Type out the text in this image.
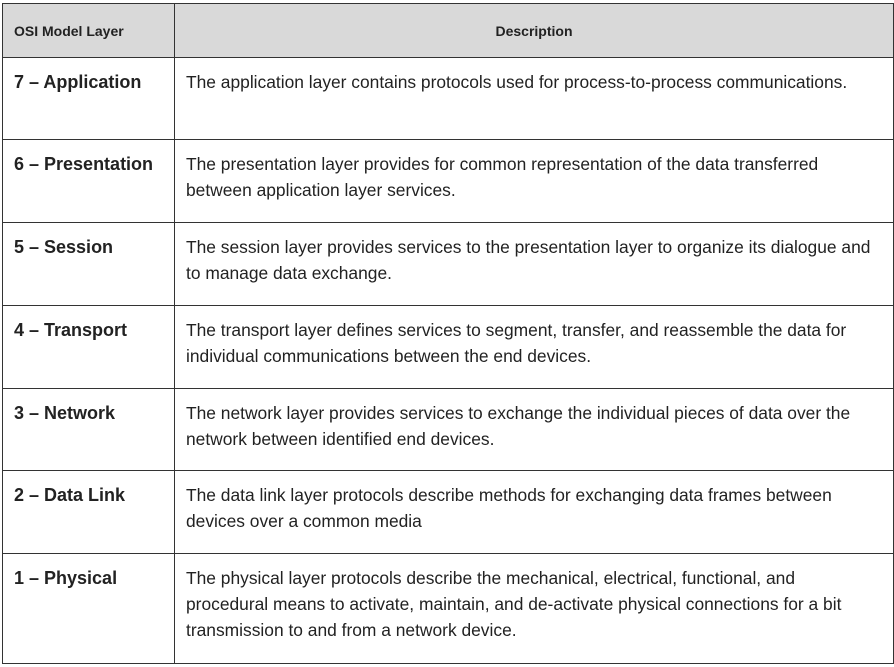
OSI Model Layer	Description
7 – Application	The application layer contains protocols used for process-to-process communications.
6 – Presentation	The presentation layer provides for common representation of the data transferred between application layer services.
5 – Session	The session layer provides services to the presentation layer to organize its dialogue and to manage data exchange.
4 – Transport	The transport layer defines services to segment, transfer, and reassemble the data for individual communications between the end devices.
3 – Network	The network layer provides services to exchange the individual pieces of data over the network between identified end devices.
2 – Data Link	The data link layer protocols describe methods for exchanging data frames between devices over a common media
1 – Physical	The physical layer protocols describe the mechanical, electrical, functional, and procedural means to activate, maintain, and de-activate physical connections for a bit transmission to and from a network device.
